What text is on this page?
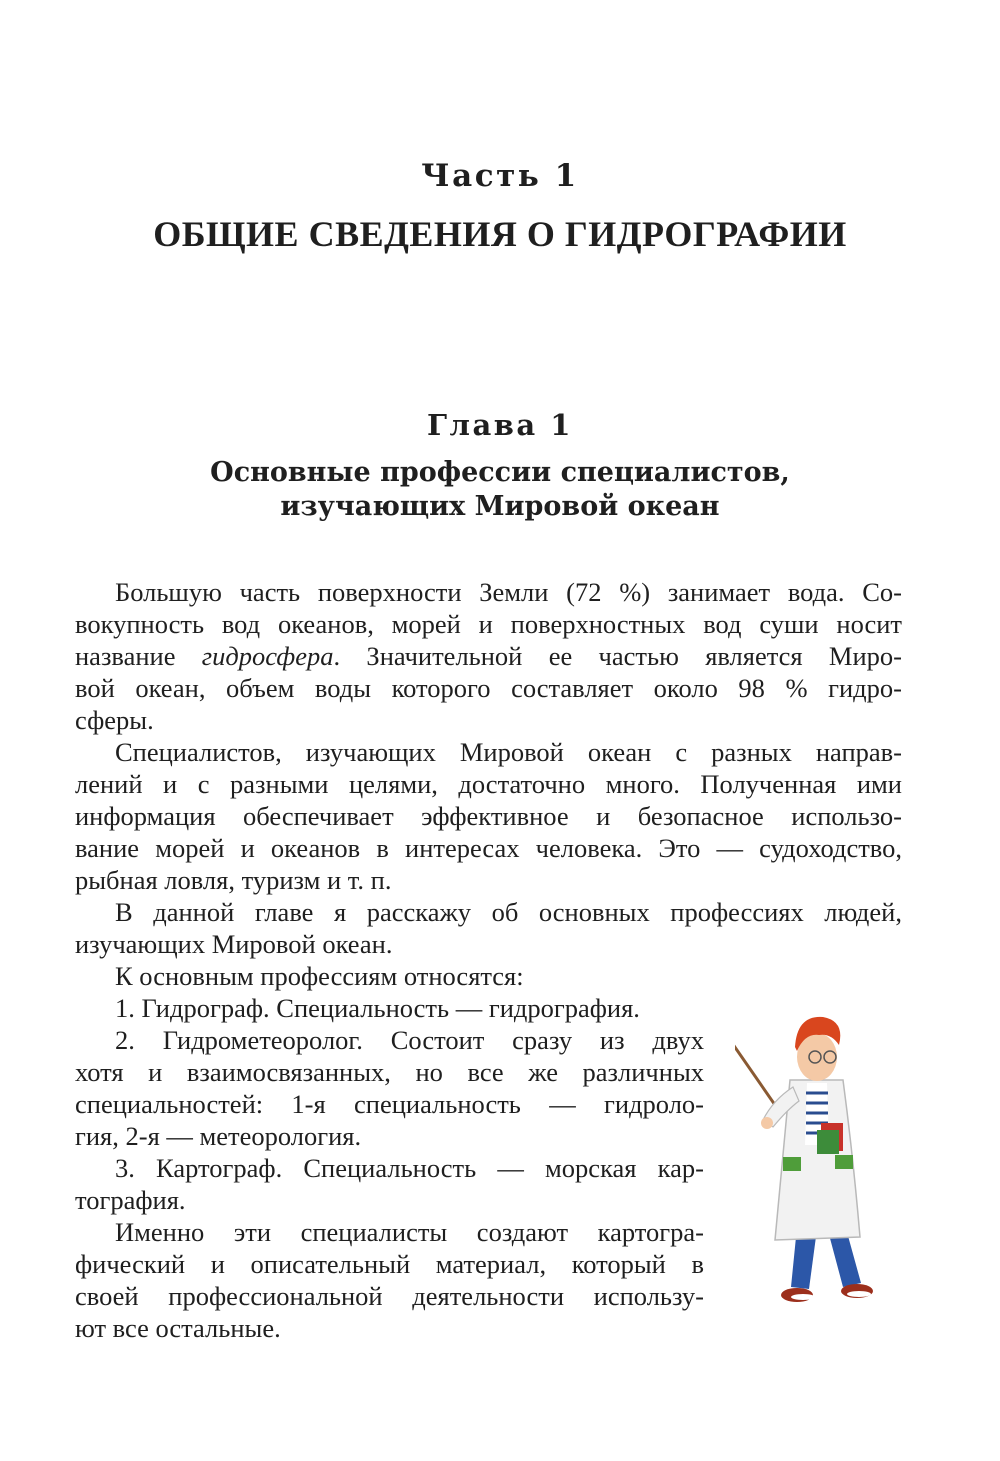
Часть 1
ОБЩИЕ СВЕДЕНИЯ О ГИДРОГРАФИИ
Глава 1
Основные профессии специалистов,
изучающих Мировой океан
Большую часть поверхности Земли (72 %) занимает вода. Со-
вокупность вод океанов, морей и поверхностных вод суши носит
название гидросфера. Значительной ее частью является Миро-
вой океан, объем воды которого составляет около 98 % гидро-
сферы.
Специалистов, изучающих Мировой океан с разных направ-
лений и с разными целями, достаточно много. Полученная ими
информация обеспечивает эффективное и безопасное использо-
вание морей и океанов в интересах человека. Это — судоходство,
рыбная ловля, туризм и т. п.
В данной главе я расскажу об основных профессиях людей,
изучающих Мировой океан.
К основным профессиям относятся:
1. Гидрограф. Специальность — гидрография.
2. Гидрометеоролог. Состоит сразу из двух
хотя и взаимосвязанных, но все же различных
специальностей: 1-я специальность — гидроло-
гия, 2-я — метеорология.
3. Картограф. Специальность — морская кар-
тография.
Именно эти специалисты создают картогра-
фический и описательный материал, который в
своей профессиональной деятельности использу-
ют все остальные.
